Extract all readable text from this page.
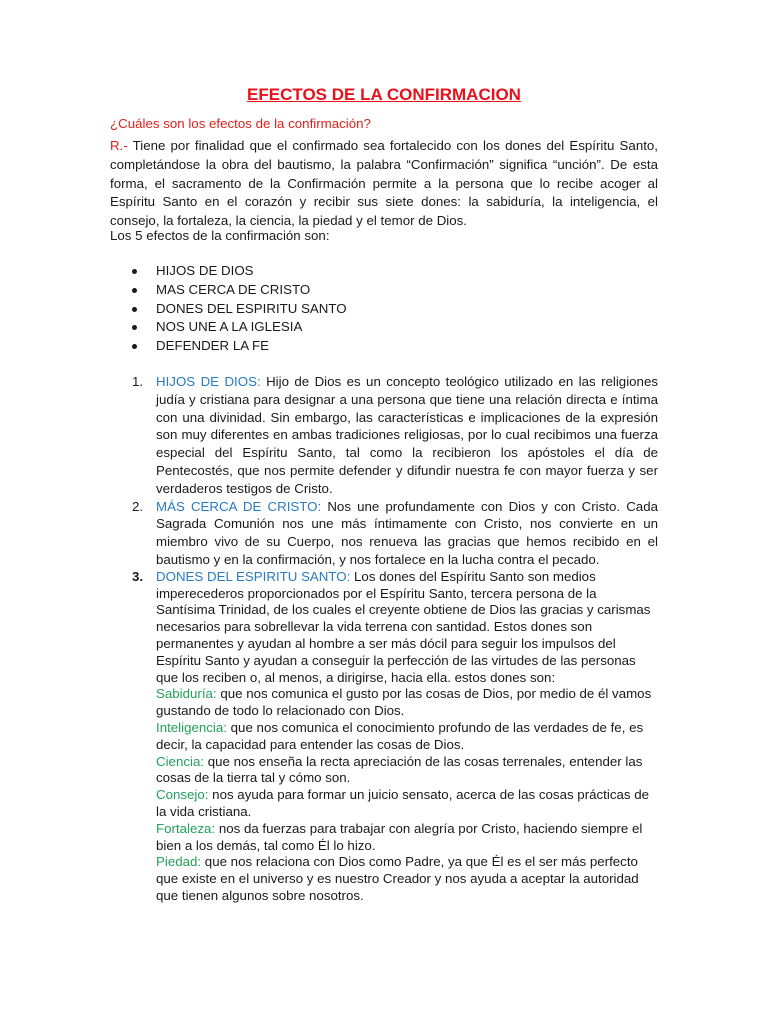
EFECTOS DE LA CONFIRMACION
¿Cuáles son los efectos de la confirmación?
R.- Tiene por finalidad que el confirmado sea fortalecido con los dones del Espíritu Santo, completándose la obra del bautismo, la palabra “Confirmación” significa “unción”. De esta forma, el sacramento de la Confirmación permite a la persona que lo recibe acoger al Espíritu Santo en el corazón y recibir sus siete dones: la sabiduría, la inteligencia, el consejo, la fortaleza, la ciencia, la piedad y el temor de Dios.
Los 5 efectos de la confirmación son:
HIJOS DE DIOS
MAS CERCA DE CRISTO
DONES DEL ESPIRITU SANTO
NOS UNE A LA IGLESIA
DEFENDER LA FE
1. HIJOS DE DIOS: Hijo de Dios es un concepto teológico utilizado en las religiones judía y cristiana para designar a una persona que tiene una relación directa e íntima con una divinidad. Sin embargo, las características e implicaciones de la expresión son muy diferentes en ambas tradiciones religiosas, por lo cual recibimos una fuerza especial del Espíritu Santo, tal como la recibieron los apóstoles el día de Pentecostés, que nos permite defender y difundir nuestra fe con mayor fuerza y ser verdaderos testigos de Cristo.

2. MÁS CERCA DE CRISTO: Nos une profundamente con Dios y con Cristo. Cada Sagrada Comunión nos une más íntimamente con Cristo, nos convierte en un miembro vivo de su Cuerpo, nos renueva las gracias que hemos recibido en el bautismo y en la confirmación, y nos fortalece en la lucha contra el pecado.

3. DONES DEL ESPIRITU SANTO: Los dones del Espíritu Santo son medios imperecederos proporcionados por el Espíritu Santo, tercera persona de la Santísima Trinidad, de los cuales el creyente obtiene de Dios las gracias y carismas necesarios para sobrellevar la vida terrena con santidad. Estos dones son permanentes y ayudan al hombre a ser más dócil para seguir los impulsos del Espíritu Santo y ayudan a conseguir la perfección de las virtudes de las personas que los reciben o, al menos, a dirigirse, hacia ella. estos dones son:

Sabiduría: que nos comunica el gusto por las cosas de Dios, por medio de él vamos gustando de todo lo relacionado con Dios.

Inteligencia: que nos comunica el conocimiento profundo de las verdades de fe, es decir, la capacidad para entender las cosas de Dios.

Ciencia: que nos enseña la recta apreciación de las cosas terrenales, entender las cosas de la tierra tal y cómo son.

Consejo: nos ayuda para formar un juicio sensato, acerca de las cosas prácticas de la vida cristiana.

Fortaleza: nos da fuerzas para trabajar con alegría por Cristo, haciendo siempre el bien a los demás, tal como Él lo hizo.

Piedad: que nos relaciona con Dios como Padre, ya que Él es el ser más perfecto que existe en el universo y es nuestro Creador y nos ayuda a aceptar la autoridad que tienen algunos sobre nosotros.
